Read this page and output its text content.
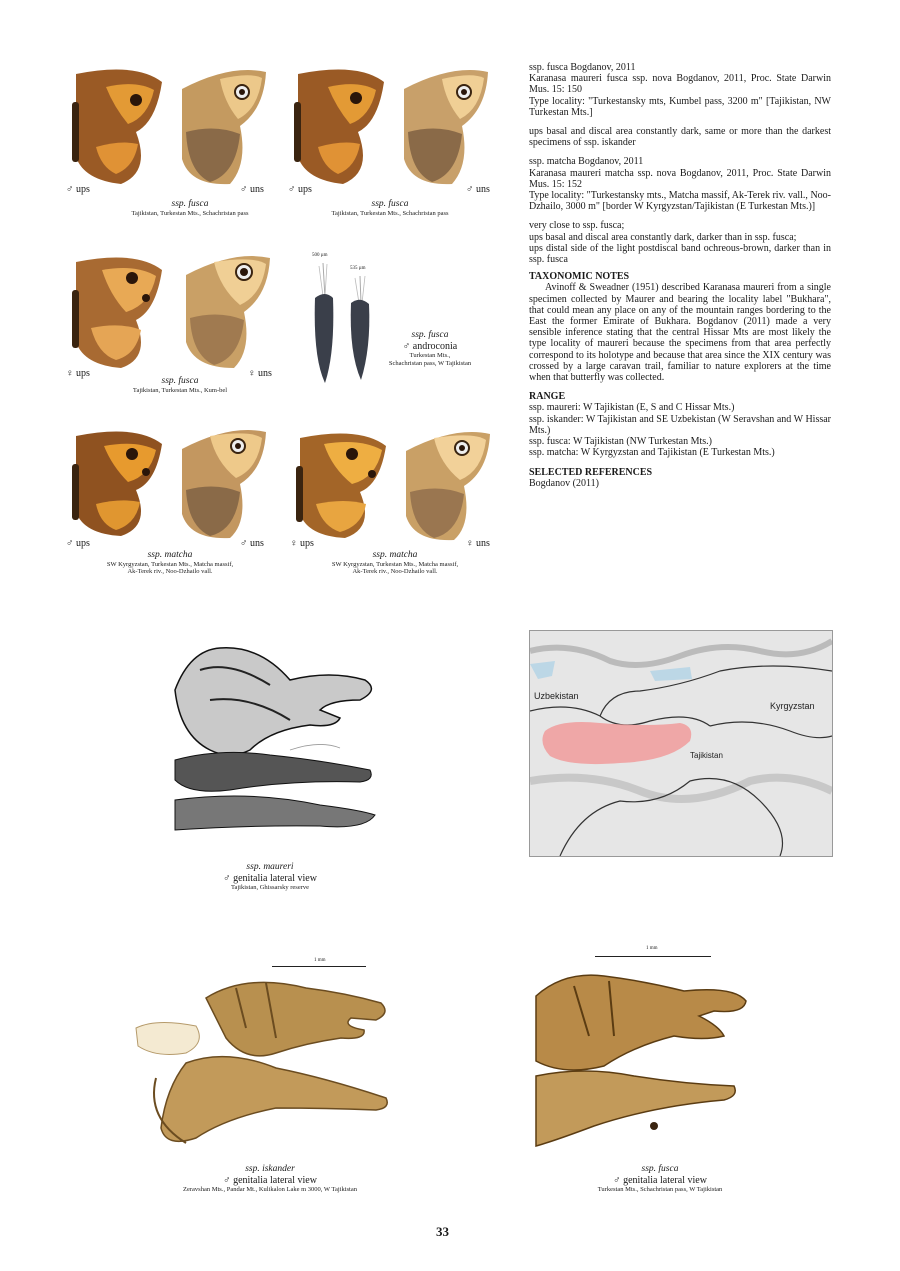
♂ ups	♂ uns
ssp. fusca
Tajikistan, Turkestan Mts., Schachristan pass
♂ ups	♂ uns
ssp. fusca
Tajikistan, Turkestan Mts., Schachristan pass
♀ ups	♀ uns
ssp. fusca
Tajikistan, Turkestan Mts., Kum-bel
500 µm
535 µm
ssp. fusca
♂ androconia
Turkestan Mts.,
Schachristan pass, W Tajikistan
♂ ups	♂ uns
ssp. matcha
SW Kyrgyzstan, Turkestan Mts., Matcha massif,
Ak-Terek riv., Noo-Dzhailo vall.
♀ ups	♀ uns
ssp. matcha
SW Kyrgyzstan, Turkestan Mts., Matcha massif,
Ak-Terek riv., Noo-Dzhailo vall.

ssp. fusca Bogdanov, 2011

Karanasa maureri fusca ssp. nova Bogdanov, 2011, Proc. State Darwin Mus. 15: 150

Type locality: "Turkestansky mts, Kumbel pass, 3200 m" [Tajikistan, NW Turkestan Mts.]

ups basal and discal area constantly dark, same or more than the darkest specimens of ssp. iskander

ssp. matcha Bogdanov, 2011

Karanasa maureri matcha ssp. nova Bogdanov, 2011, Proc. State Darwin Mus. 15: 152

Type locality: "Turkestansky mts., Matcha massif, Ak-Terek riv. vall., Noo-Dzhailo, 3000 m" [border W Kyrgyzstan/Tajikistan (E Turkestan Mts.)]

very close to ssp. fusca;

ups basal and discal area constantly dark, darker than in ssp. fusca;

ups distal side of the light postdiscal band ochreous-brown, darker than in ssp. fusca

TAXONOMIC NOTES

Avinoff & Sweadner (1951) described Karanasa maureri from a single specimen collected by Maurer and bearing the locality label "Bukhara", that could mean any place on any of the mountain ranges bordering to the East the former Emirate of Bukhara. Bogdanov (2011) made a very sensible inference stating that the central Hissar Mts are most likely the type locality of maureri because the specimens from that area perfectly correspond to its holotype and because that area since the XIX century was crossed by a large caravan trail, familiar to nature explorers at the time when that butterfly was collected.

RANGE

ssp. maureri: W Tajikistan (E, S and C Hissar Mts.)

ssp. iskander: W Tajikistan and SE Uzbekistan (W Seravshan and W Hissar Mts.)

ssp. fusca: W Tajikistan (NW Turkestan Mts.)

ssp. matcha: W Kyrgyzstan and Tajikistan (E Turkestan Mts.)

SELECTED REFERENCES

Bogdanov (2011)

Uzbekistan
Kyrgyzstan
Tajikistan
ssp. maureri
♂ genitalia lateral view
Tajikistan, Ghissarsky reserve
1 mm
ssp. iskander
♂ genitalia lateral view
Zeravshan Mts., Pandar Mt., Kulikalon Lake m 3000, W Tajikistan
1 mm
ssp. fusca
♂ genitalia lateral view
Turkestan Mts., Schachristan pass, W Tajikistan
33
